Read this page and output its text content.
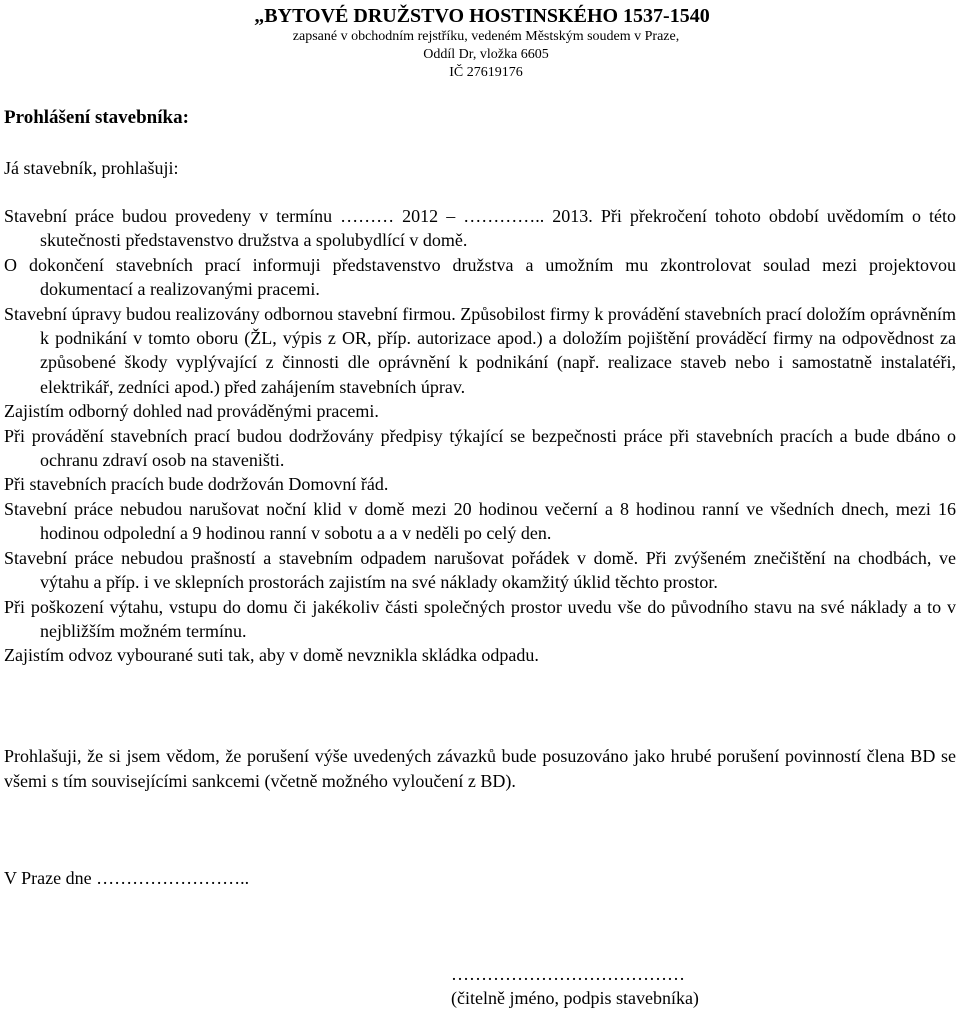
„BYTOVÉ DRUŽSTVO HOSTINSKÉHO 1537-1540
zapsané v obchodním rejstříku, vedeném Městským soudem v Praze,
Oddíl Dr, vložka 6605
IČ 27619176
Prohlášení stavebníka:

Já stavebník, prohlašuji:

Stavební práce budou provedeny v termínu ……… 2012 – ………….. 2013. Při překročení tohoto období uvědomím o této skutečnosti představenstvo družstva a spolubydlící v domě.

O dokončení stavebních prací informuji představenstvo družstva a umožním mu zkontrolovat soulad mezi projektovou dokumentací a realizovanými pracemi.

Stavební úpravy budou realizovány odbornou stavební firmou. Způsobilost firmy k provádění stavebních prací doložím oprávněním k podnikání v tomto oboru (ŽL, výpis z OR, příp. autorizace apod.) a doložím pojištění prováděcí firmy na odpovědnost za způsobené škody vyplývající z činnosti dle oprávnění k podnikání (např. realizace staveb nebo i samostatně instalatéři, elektrikář, zedníci apod.) před zahájením stavebních úprav.

Zajistím odborný dohled nad prováděnými pracemi.

Při provádění stavebních prací budou dodržovány předpisy týkající se bezpečnosti práce při stavebních pracích a bude dbáno o ochranu zdraví osob na staveništi.

Při stavebních pracích bude dodržován Domovní řád.

Stavební práce nebudou narušovat noční klid v domě mezi 20 hodinou večerní a 8 hodinou ranní ve všedních dnech, mezi 16 hodinou odpolední a 9 hodinou ranní v sobotu a a v neděli po celý den.

Stavební práce nebudou prašností a stavebním odpadem narušovat pořádek v domě. Při zvýšeném znečištění na chodbách, ve výtahu a příp. i ve sklepních prostorách zajistím na své náklady okamžitý úklid těchto prostor.

Při poškození výtahu, vstupu do domu či jakékoliv části společných prostor uvedu vše do původního stavu na své náklady a to v nejbližším možném termínu.

Zajistím odvoz vybourané suti tak, aby v domě nevznikla skládka odpadu.

Prohlašuji, že si jsem vědom, že porušení výše uvedených závazků bude posuzováno jako hrubé porušení povinností člena BD se všemi s tím souvisejícími sankcemi (včetně možného vyloučení z BD).

V Praze dne ……………………..

…………………………………
(čitelně jméno, podpis stavebníka)
